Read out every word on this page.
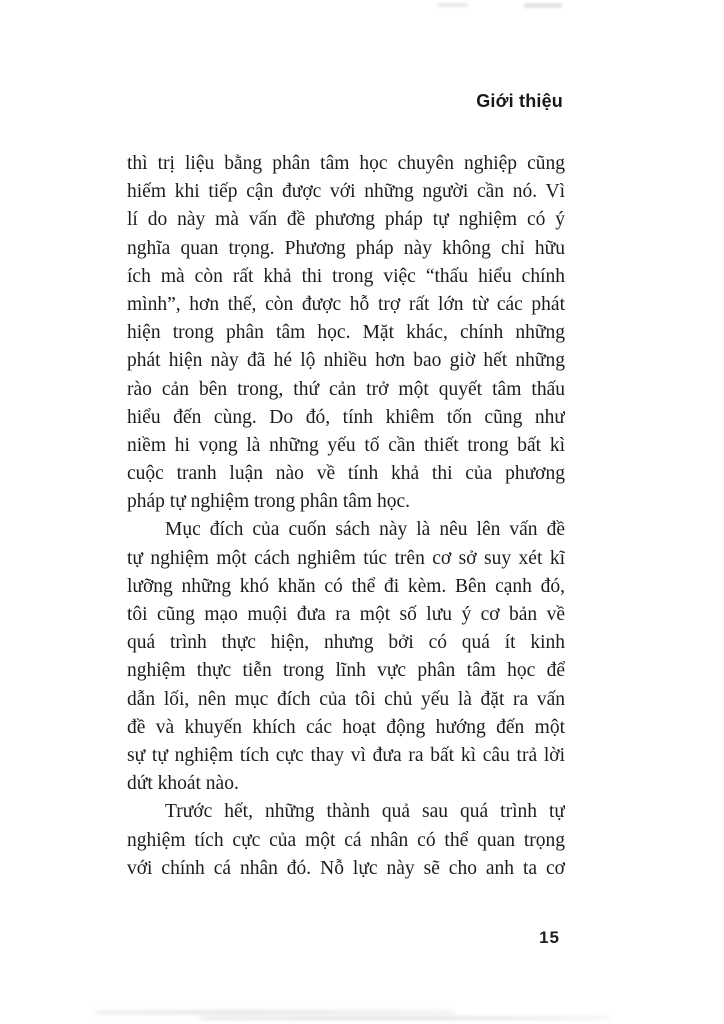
Giới thiệu
thì trị liệu bằng phân tâm học chuyên nghiệp cũng
hiếm khi tiếp cận được với những người cần nó. Vì
lí do này mà vấn đề phương pháp tự nghiệm có ý
nghĩa quan trọng. Phương pháp này không chỉ hữu
ích mà còn rất khả thi trong việc “thấu hiểu chính
mình”, hơn thế, còn được hỗ trợ rất lớn từ các phát
hiện trong phân tâm học. Mặt khác, chính những
phát hiện này đã hé lộ nhiều hơn bao giờ hết những
rào cản bên trong, thứ cản trở một quyết tâm thấu
hiểu đến cùng. Do đó, tính khiêm tốn cũng như
niềm hi vọng là những yếu tố cần thiết trong bất kì
cuộc tranh luận nào về tính khả thi của phương
pháp tự nghiệm trong phân tâm học.
Mục đích của cuốn sách này là nêu lên vấn đề
tự nghiệm một cách nghiêm túc trên cơ sở suy xét kĩ
lưỡng những khó khăn có thể đi kèm. Bên cạnh đó,
tôi cũng mạo muội đưa ra một số lưu ý cơ bản về
quá trình thực hiện, nhưng bởi có quá ít kinh
nghiệm thực tiễn trong lĩnh vực phân tâm học để
dẫn lối, nên mục đích của tôi chủ yếu là đặt ra vấn
đề và khuyến khích các hoạt động hướng đến một
sự tự nghiệm tích cực thay vì đưa ra bất kì câu trả lời
dứt khoát nào.
Trước hết, những thành quả sau quá trình tự
nghiệm tích cực của một cá nhân có thể quan trọng
với chính cá nhân đó. Nỗ lực này sẽ cho anh ta cơ
15
